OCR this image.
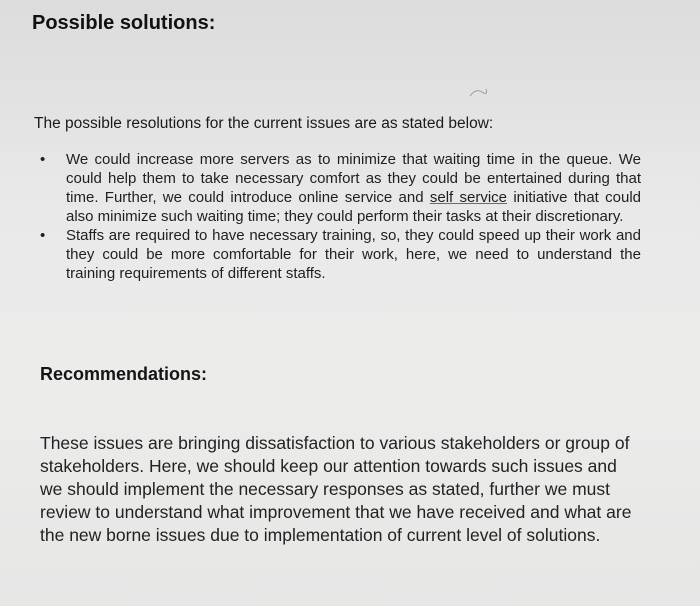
Possible solutions:
The possible resolutions for the current issues are as stated below:
• We could increase more servers as to minimize that waiting time in the queue. We could help them to take necessary comfort as they could be entertained during that time. Further, we could introduce online service and self service initiative that could also minimize such waiting time; they could perform their tasks at their discretionary.
• Staffs are required to have necessary training, so, they could speed up their work and they could be more comfortable for their work, here, we need to understand the training requirements of different staffs.
Recommendations:

These issues are bringing dissatisfaction to various stakeholders or group of stakeholders. Here, we should keep our attention towards such issues and we should implement the necessary responses as stated, further we must review to understand what improvement that we have received and what are the new borne issues due to implementation of current level of solutions.
